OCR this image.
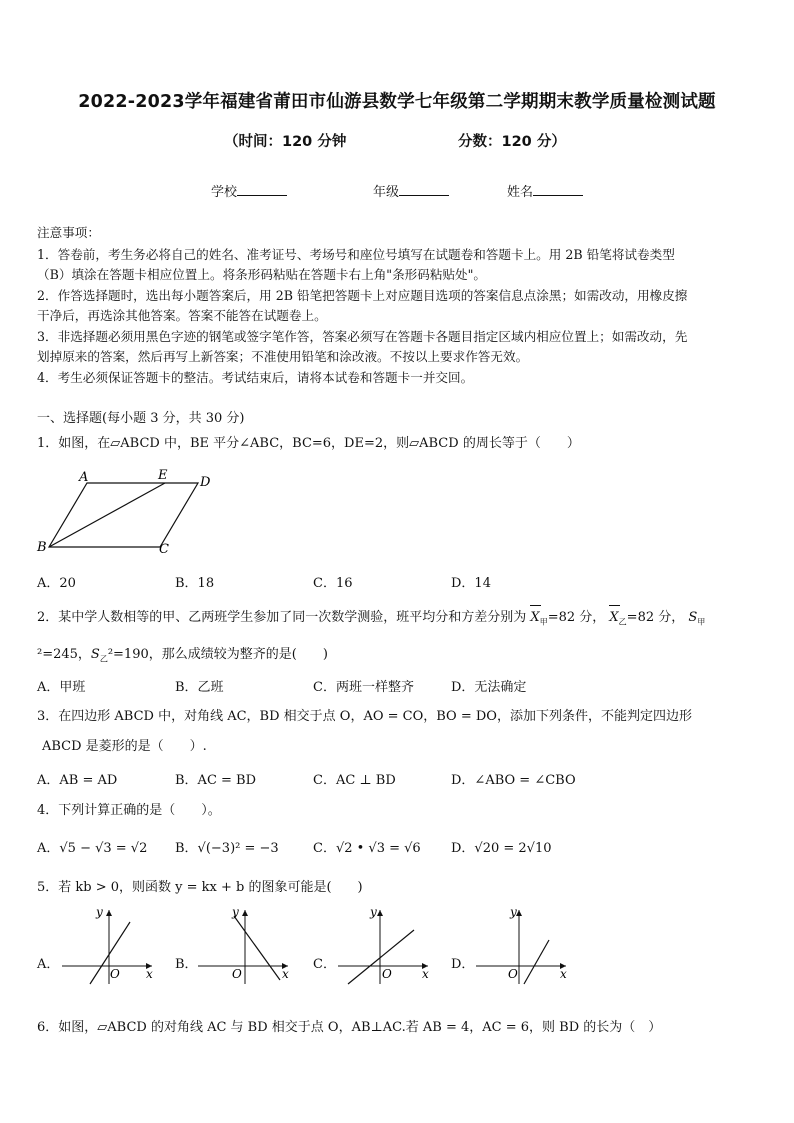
2022-2023学年福建省莆田市仙游县数学七年级第二学期期末教学质量检测试题
（时间：120 分钟	分数：120 分）
学校	年级	姓名
注意事项：
1．答卷前，考生务必将自己的姓名、准考证号、考场号和座位号填写在试题卷和答题卡上。用 2B 铅笔将试卷类型
（B）填涂在答题卡相应位置上。将条形码粘贴在答题卡右上角"条形码粘贴处"。
2．作答选择题时，选出每小题答案后，用 2B 铅笔把答题卡上对应题目选项的答案信息点涂黑；如需改动，用橡皮擦
干净后，再选涂其他答案。答案不能答在试题卷上。
3．非选择题必须用黑色字迹的钢笔或签字笔作答，答案必须写在答题卡各题目指定区域内相应位置上；如需改动，先
划掉原来的答案，然后再写上新答案；不准使用铅笔和涂改液。不按以上要求作答无效。
4．考生必须保证答题卡的整洁。考试结束后，请将本试卷和答题卡一并交回。
一、选择题(每小题 3 分，共 30 分)
1．如图，在▱ABCD 中，BE 平分∠ABC，BC=6，DE=2，则▱ABCD 的周长等于（　　）
A	E	D
B	C
A．20	B．18	C．16	D．14
2．某中学人数相等的甲、乙两班学生参加了同一次数学测验，班平均分和方差分别为 $X_甲=82$ 分， $X_乙=82$ 分， $S_甲$
²=245，$S_乙^2=190$，那么成绩较为整齐的是(　　)
A．甲班	B．乙班	C．两班一样整齐	D．无法确定
3．在四边形 ABCD 中，对角线 AC，BD 相交于点 O，AO = CO，BO = DO，添加下列条件，不能判定四边形
ABCD 是菱形的是（　　）.
A．AB = AD	B．AC = BD	C．AC ⊥ BD	D．∠ABO = ∠CBO
4．下列计算正确的是（　　）。
A．√5 − √3 = √2 B．√(−3)² = −3	C．√2 • √3 = √6 D．√20 = 2√10
5．若 kb > 0，则函数 y = kx + b 的图象可能是(　　)
A．	B．	C．	D．
y
x
O
y
x
O
y
x
O
y
x
O
6．如图，▱ABCD 的对角线 AC 与 BD 相交于点 O，AB⊥AC.若 AB = 4，AC = 6，则 BD 的长为（　）
